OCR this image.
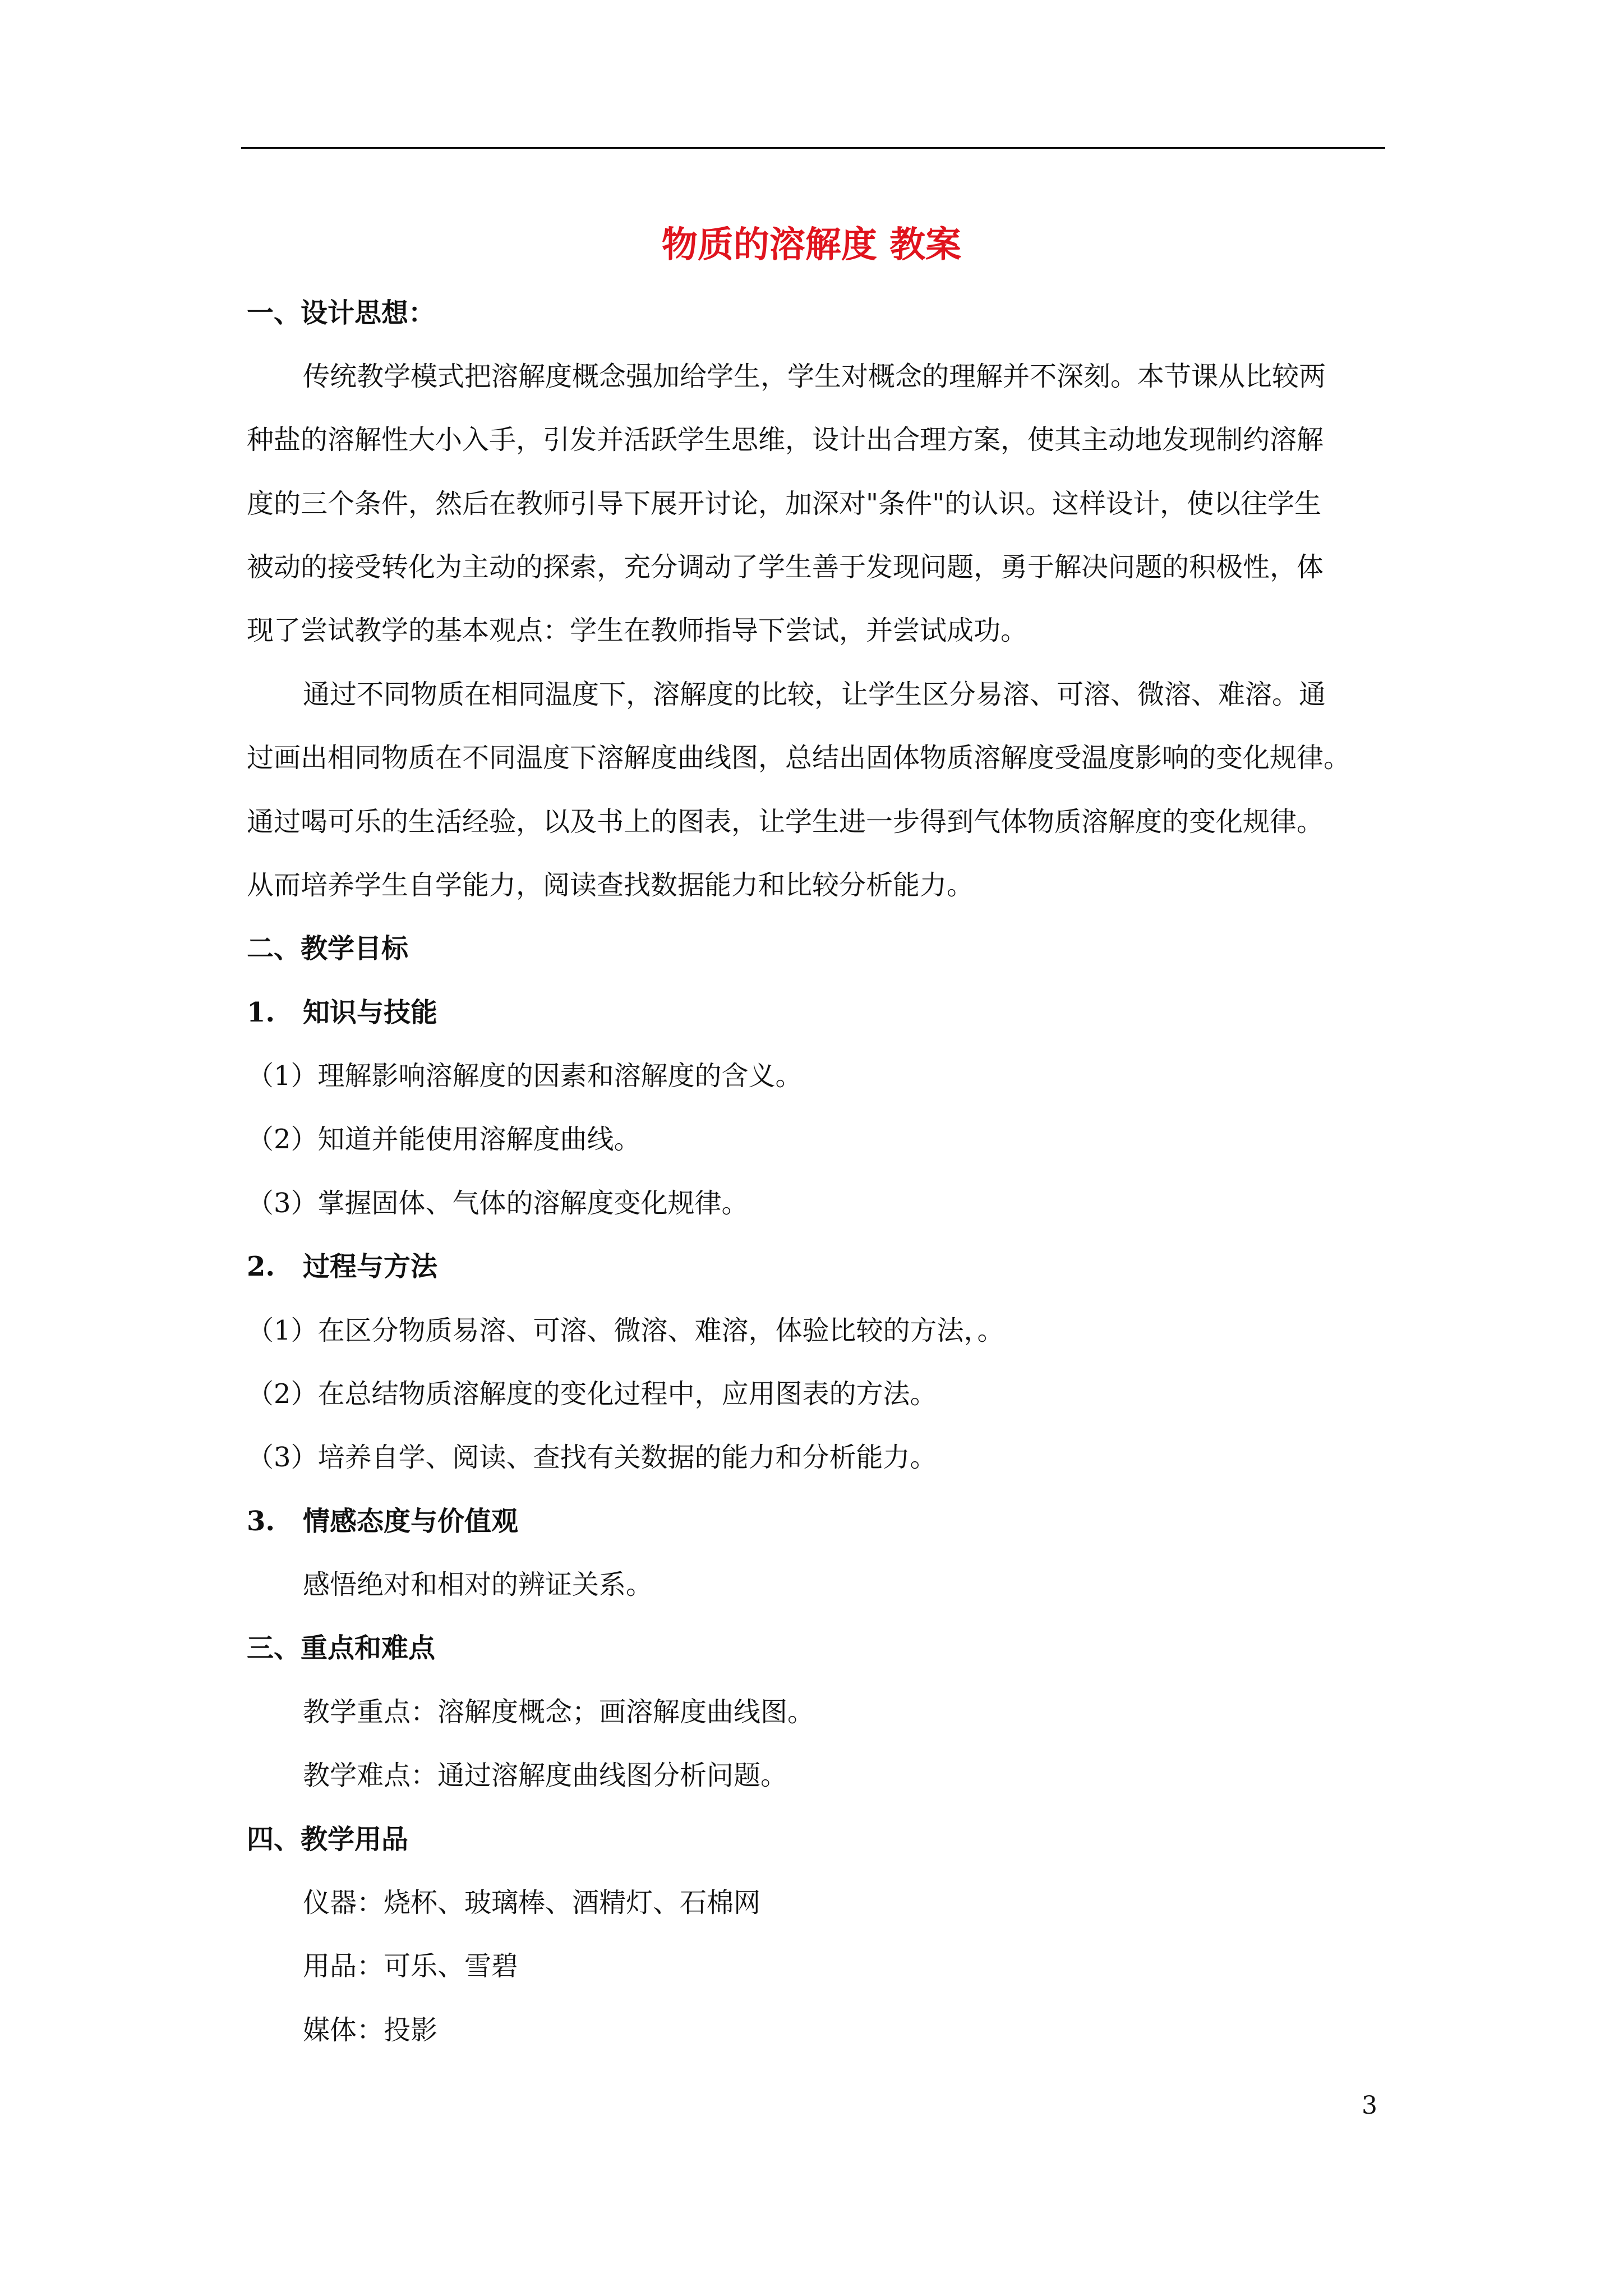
物质的溶解度 教案
一、设计思想：
传统教学模式把溶解度概念强加给学生，学生对概念的理解并不深刻。本节课从比较两
种盐的溶解性大小入手，引发并活跃学生思维，设计出合理方案，使其主动地发现制约溶解
度的三个条件，然后在教师引导下展开讨论，加深对"条件"的认识。这样设计，使以往学生
被动的接受转化为主动的探索，充分调动了学生善于发现问题，勇于解决问题的积极性，体
现了尝试教学的基本观点：学生在教师指导下尝试，并尝试成功。
通过不同物质在相同温度下，溶解度的比较，让学生区分易溶、可溶、微溶、难溶。通
过画出相同物质在不同温度下溶解度曲线图，总结出固体物质溶解度受温度影响的变化规律。
通过喝可乐的生活经验，以及书上的图表，让学生进一步得到气体物质溶解度的变化规律。
从而培养学生自学能力，阅读查找数据能力和比较分析能力。
二、教学目标
1. 知识与技能
（1）理解影响溶解度的因素和溶解度的含义。
（2）知道并能使用溶解度曲线。
（3）掌握固体、气体的溶解度变化规律。
2. 过程与方法
（1）在区分物质易溶、可溶、微溶、难溶，体验比较的方法，。
（2）在总结物质溶解度的变化过程中，应用图表的方法。
（3）培养自学、阅读、查找有关数据的能力和分析能力。
3. 情感态度与价值观
感悟绝对和相对的辨证关系。
三、重点和难点
教学重点：溶解度概念；画溶解度曲线图。
教学难点：通过溶解度曲线图分析问题。
四、教学用品
仪器：烧杯、玻璃棒、酒精灯、石棉网
用品：可乐、雪碧
媒体：投影
3
